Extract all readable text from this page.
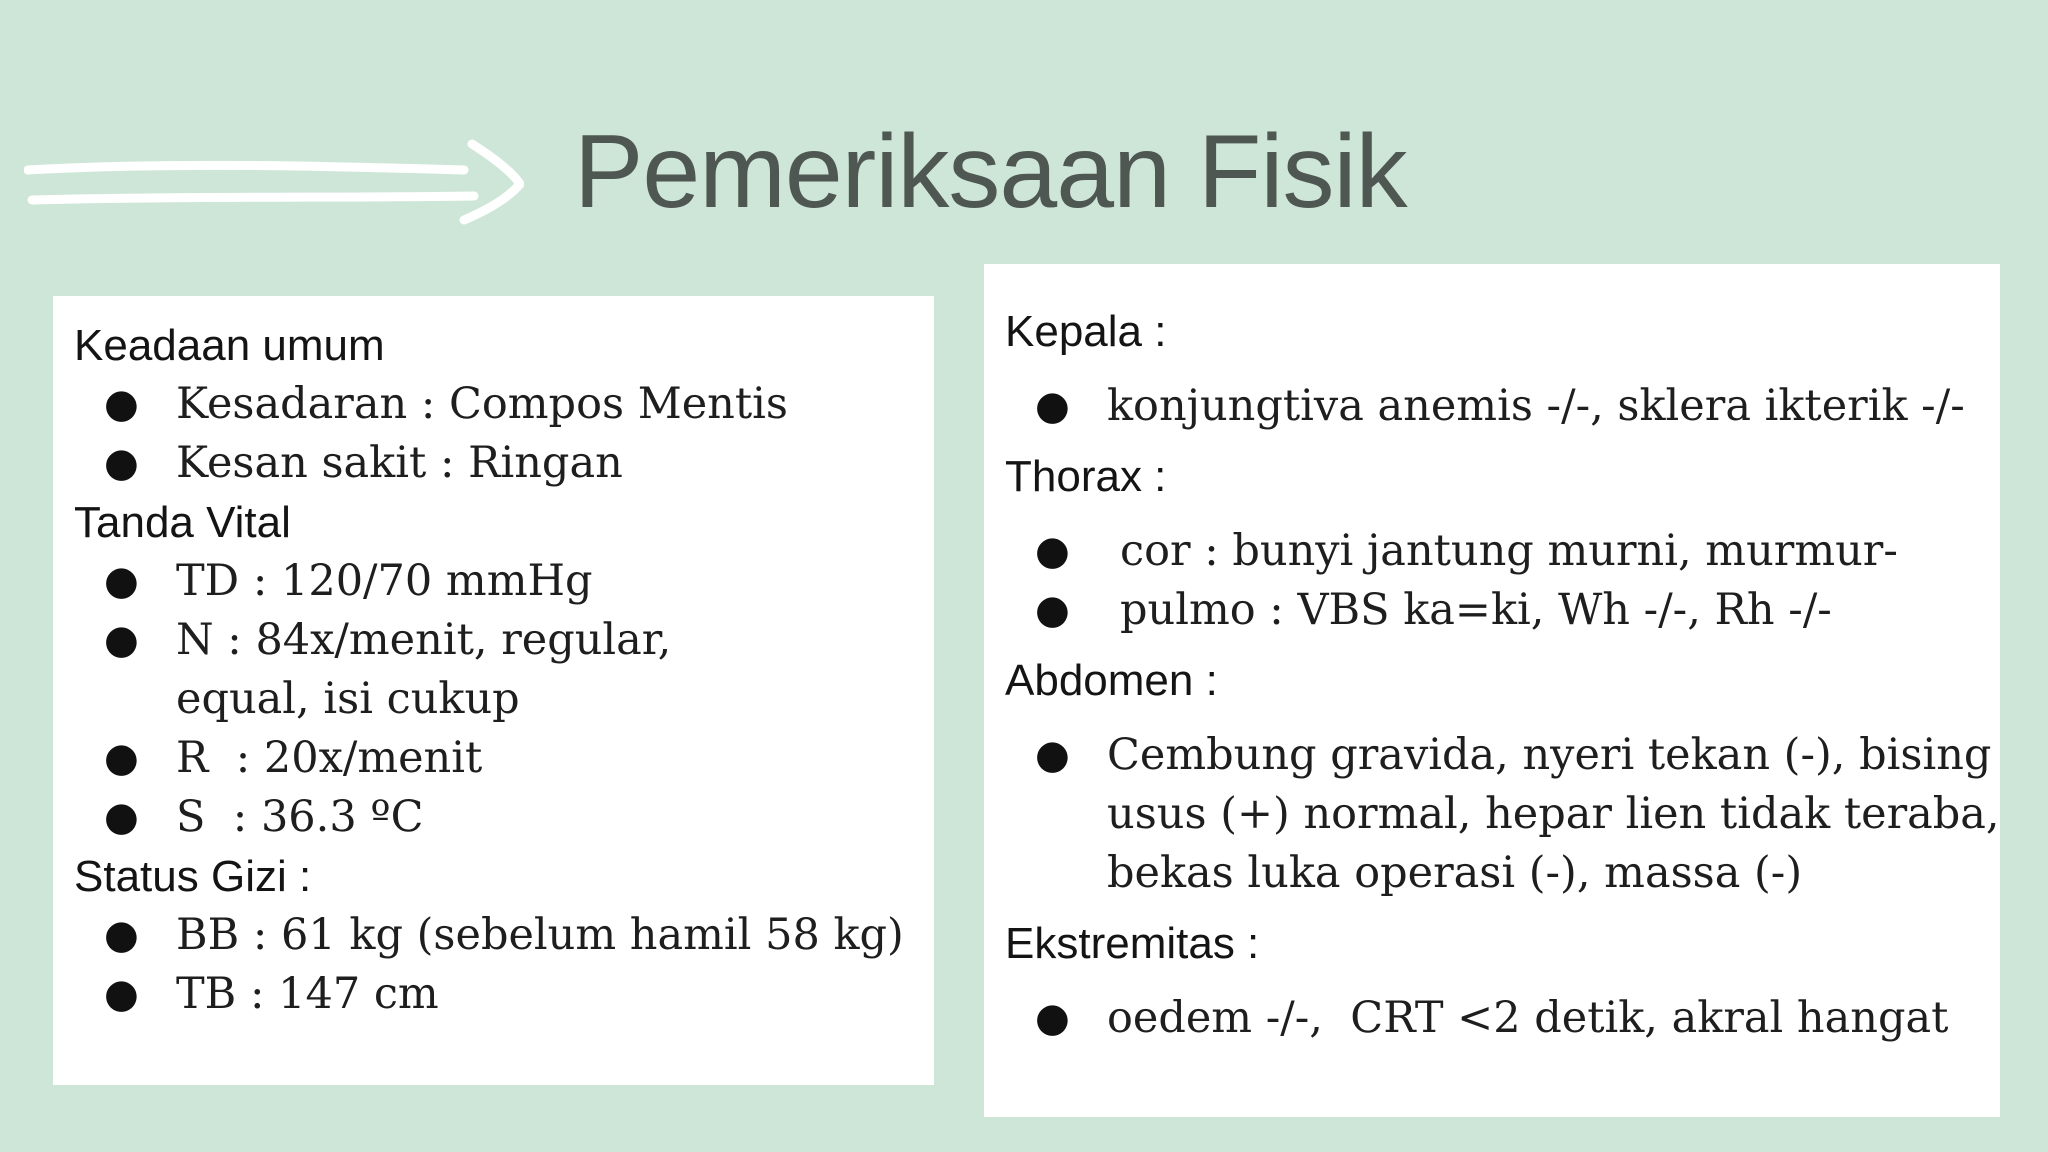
Pemeriksaan Fisik
Keadaan umum
● Kesadaran : Compos Mentis
● Kesan sakit : Ringan
Tanda Vital
● TD : 120/70 mmHg
● N : 84x/menit, regular,
equal, isi cukup
● R  : 20x/menit
● S  : 36.3 ºC
Status Gizi :
● BB : 61 kg (sebelum hamil 58 kg)
● TB : 147 cm
Kepala :
● konjungtiva anemis -/-, sklera ikterik -/-
Thorax :
● cor : bunyi jantung murni, murmur-
● pulmo : VBS ka=ki, Wh -/-, Rh -/-
Abdomen :
● Cembung gravida, nyeri tekan (-), bising
usus (+) normal, hepar lien tidak teraba,
bekas luka operasi (-), massa (-)
Ekstremitas :
● oedem -/-,  CRT <2 detik, akral hangat
